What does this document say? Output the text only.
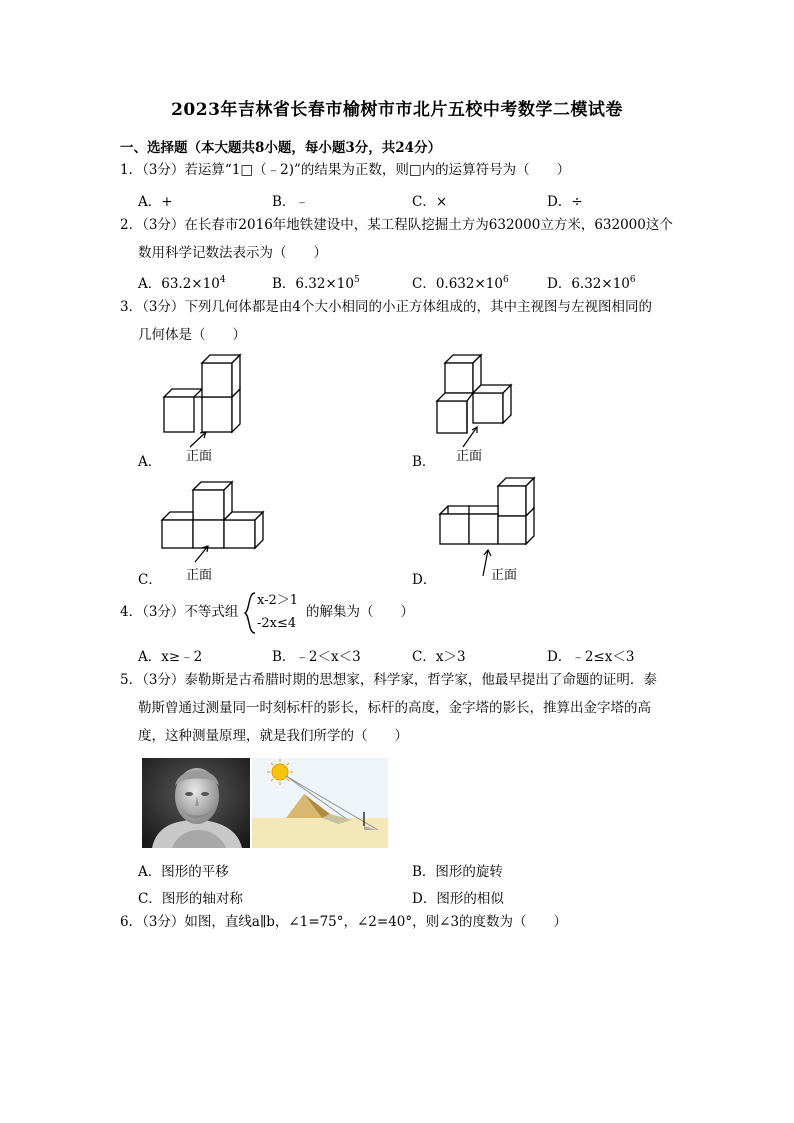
2023年吉林省长春市榆树市市北片五校中考数学二模试卷
一、选择题（本大题共8小题，每小题3分，共24分）
1．（3分）若运算“1□（﹣2)”的结果为正数，则□内的运算符号为（　　）
A．+	B．﹣	C．×	D．÷
2．（3分）在长春市2016年地铁建设中，某工程队挖掘土方为632000立方米，632000这个
数用科学记数法表示为（　　）
A．$63.2\times 10^4$	B．$6.32\times 10^5$	C．$0.632\times 10^6$	D．$6.32\times 10^6$
3．（3分）下列几何体都是由4个大小相同的小正方体组成的，其中主视图与左视图相同的
几何体是（　　）
正面
A．	正面
B．
正面
C．	正面
D．
4．（3分）不等式组
x-2＞1
-2x≤4
的解集为（　　）
A．x≥﹣2	B．﹣2＜x＜3	C．x＞3	D．﹣2≤x＜3
5．（3分）泰勒斯是古希腊时期的思想家，科学家，哲学家，他最早提出了命题的证明．泰
勒斯曾通过测量同一时刻标杆的影长，标杆的高度，金字塔的影长，推算出金字塔的高
度，这种测量原理，就是我们所学的（　　）
A．图形的平移	B．图形的旋转
C．图形的轴对称	D．图形的相似
6．（3分）如图，直线a∥b，∠1=75°，∠2=40°，则∠3的度数为（　　）
